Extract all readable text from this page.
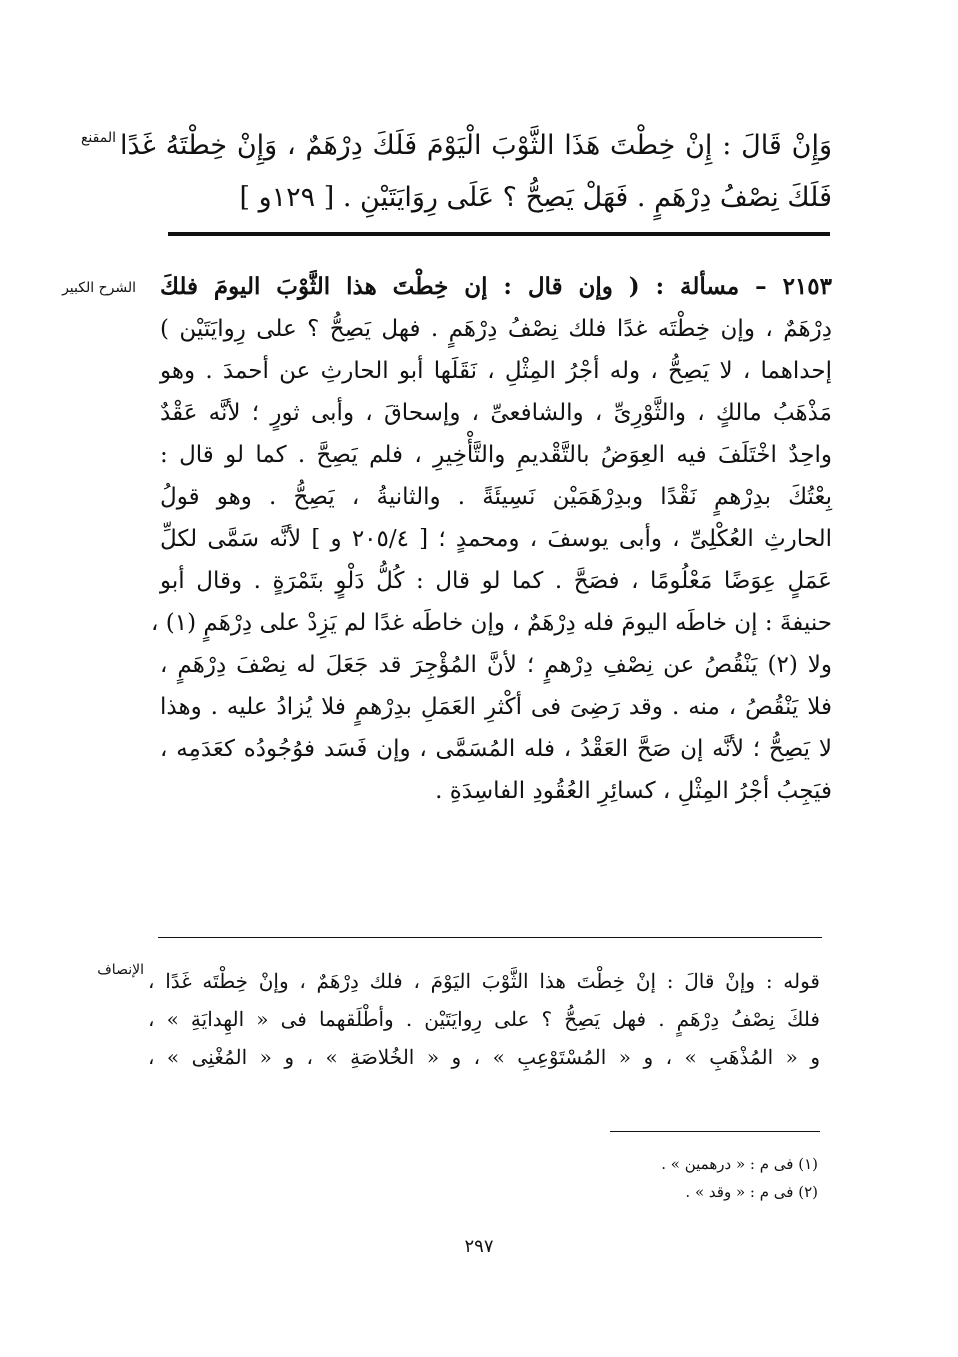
المقنع وَإِنْ قَالَ : إِنْ خِطْتَ هَذَا الثَّوْبَ الْيَوْمَ فَلَكَ دِرْهَمٌ ، وَإِنْ خِطْتَهُ غَدًا
فَلَكَ نِصْفُ دِرْهَمٍ . فَهَلْ يَصِحُّ ؟ عَلَى رِوَايَتَيْنِ . [ ١٢٩و ]
الشرح الكبير ٢١٥٣ – مسألة : ( وإن قال : إن خِطْتَ هذا الثَّوْبَ اليومَ فلكَ
دِرْهَمٌ ، وإن خِطْتَه غدًا فلك نِصْفُ دِرْهَمٍ . فهل يَصِحُّ ؟ على رِوايَتَيْن )
إحداهما ، لا يَصِحُّ ، وله أجْرُ المِثْلِ ، نَقَلَها أبو الحارثِ عن أحمدَ . وهو
مَذْهَبُ مالكٍ ، والثَّوْرِىِّ ، والشافعىِّ ، وإسحاقَ ، وأبى ثورٍ ؛ لأنَّه عَقْدٌ
واحِدٌ اخْتَلَفَ فيه العِوَضُ بالتَّقْديمِ والتَّأْخِيرِ ، فلم يَصِحَّ . كما لو قال :
بِعْتُكَ بدِرْهمٍ نَقْدًا وبدِرْهَمَيْن نَسِيئَةً . والثانيةُ ، يَصِحُّ . وهو قولُ
الحارثِ العُكْلِىِّ ، وأبى يوسفَ ، ومحمدٍ ؛ [ ٢٠٥/٤ و ] لأنَّه سَمَّى لكلِّ
عَمَلٍ عِوَضًا مَعْلُومًا ، فصَحَّ . كما لو قال : كُلُّ دَلْوٍ بتَمْرَةٍ . وقال أبو
حنيفةَ : إن خاطَه اليومَ فله دِرْهَمٌ ، وإن خاطَه غدًا لم يَزِدْ على دِرْهَمٍ (١) ،
ولا (٢) يَنْقُصُ عن نِصْفِ دِرْهمٍ ؛ لأنَّ المُؤْجِرَ قد جَعَلَ له نِصْفَ دِرْهَمٍ ،
فلا يَنْقُصُ ، منه . وقد رَضِىَ فى أكْثرِ العَمَلِ بدِرْهمٍ فلا يُزادُ عليه . وهذا
لا يَصِحُّ ؛ لأنَّه إن صَحَّ العَقْدُ ، فله المُسَمَّى ، وإن فَسَد فوُجُودُه كعَدَمِه ،
فيَجِبُ أجْرُ المِثْلِ ، كسائِرِ العُقُودِ الفاسِدَةِ .
الإنصاف قوله : وإنْ قالَ : إنْ خِطْتَ هذا الثَّوْبَ اليَوْمَ ، فلك دِرْهَمٌ ، وإنْ خِطْتَه غَدًا ،
فلكَ نِصْفُ دِرْهَمٍ . فهل يَصِحُّ ؟ على رِوايَتَيْن . وأطْلَقهما فى « الهِدايَةِ » ،
و « المُذْهَبِ » ، و « المُسْتَوْعِبِ » ، و « الخُلاصَةِ » ، و « المُغْنِى » ،
(١) فى م : « درهمين » .
(٢) فى م : « وقد » .
٢٩٧
